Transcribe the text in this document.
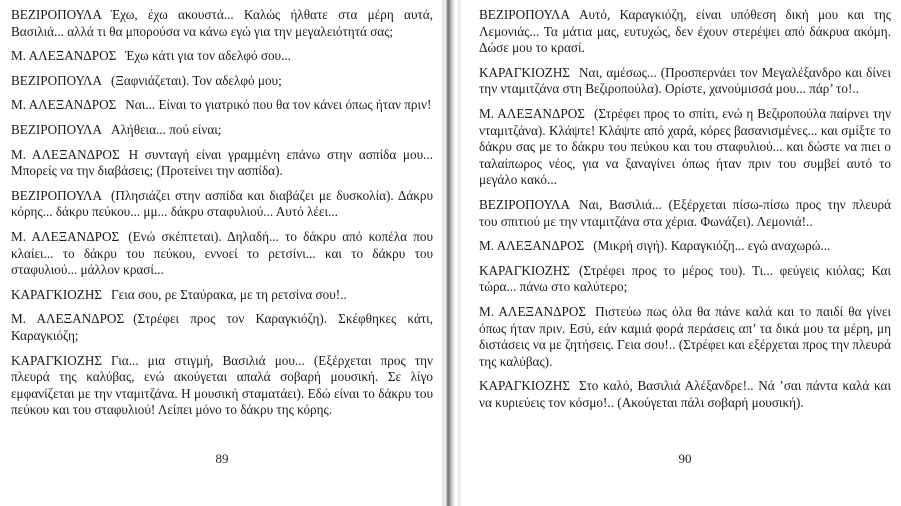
ΒΕΖΙΡΟΠΟΥΛΑ Έχω, έχω ακουστά... Καλώς ήλθατε στα μέρη αυτά, Βασιλιά... αλλά τι θα μπορούσα να κάνω εγώ για την μεγαλειότητά σας;

Μ. ΑΛΕΞΑΝΔΡΟΣ Έχω κάτι για τον αδελφό σου...

ΒΕΖΙΡΟΠΟΥΛΑ (Ξαφνιάζεται). Τον αδελφό μου;

Μ. ΑΛΕΞΑΝΔΡΟΣ Ναι... Είναι το γιατρικό που θα τον κάνει όπως ήταν πριν!

ΒΕΖΙΡΟΠΟΥΛΑ Αλήθεια... πού είναι;

Μ. ΑΛΕΞΑΝΔΡΟΣ Η συνταγή είναι γραμμένη επάνω στην ασπίδα μου... Μπορείς να την διαβάσεις; (Προτείνει την ασπίδα).

ΒΕΖΙΡΟΠΟΥΛΑ (Πλησιάζει στην ασπίδα και διαβάζει με δυσκολία). Δάκρυ κόρης... δάκρυ πεύκου... μμ... δάκρυ σταφυλιού... Αυτό λέει...

Μ. ΑΛΕΞΑΝΔΡΟΣ (Ενώ σκέπτεται). Δηλαδή... το δάκρυ από κοπέλα που κλαίει... το δάκρυ του πεύκου, εννοεί το ρετσίνι... και το δάκρυ του σταφυλιού... μάλλον κρασί...

ΚΑΡΑΓΚΙΟΖΗΣ Γεια σου, ρε Σταύρακα, με τη ρετσίνα σου!..

Μ. ΑΛΕΞΑΝΔΡΟΣ (Στρέφει προς τον Καραγκιόζη). Σκέφθηκες κάτι, Καραγκιόζη;

ΚΑΡΑΓΚΙΟΖΗΣ Για... μια στιγμή, Βασιλιά μου... (Εξέρχεται προς την πλευρά της καλύβας, ενώ ακούγεται απαλά σοβαρή μουσική. Σε λίγο εμφανίζεται με την νταμιτζάνα. Η μουσική σταματάει). Εδώ είναι το δάκρυ του πεύκου και του σταφυλιού! Λείπει μόνο το δάκρυ της κόρης.

ΒΕΖΙΡΟΠΟΥΛΑ Αυτό, Καραγκιόζη, είναι υπόθεση δική μου και της Λεμονιάς... Τα μάτια μας, ευτυχώς, δεν έχουν στερέψει από δάκρυα ακόμη. Δώσε μου το κρασί.

ΚΑΡΑΓΚΙΟΖΗΣ Ναι, αμέσως... (Προσπερνάει τον Μεγαλέξανδρο και δίνει την νταμιτζάνα στη Βεζιροπούλα). Ορίστε, χανούμισσά μου... πάρ’ το!..

Μ. ΑΛΕΞΑΝΔΡΟΣ (Στρέφει προς το σπίτι, ενώ η Βεζιροπούλα παίρνει την νταμιτζάνα). Κλάψτε! Κλάψτε από χαρά, κόρες βασανισμένες... και σμίξτε το δάκρυ σας με το δάκρυ του πεύκου και του σταφυλιού... και δώστε να πιει ο ταλαίπωρος νέος, για να ξαναγίνει όπως ήταν πριν του συμβεί αυτό το μεγάλο κακό...

ΒΕΖΙΡΟΠΟΥΛΑ Ναι, Βασιλιά... (Εξέρχεται πίσω-πίσω προς την πλευρά του σπιτιού με την νταμιτζάνα στα χέρια. Φωνάζει). Λεμονιά!..

Μ. ΑΛΕΞΑΝΔΡΟΣ (Μικρή σιγή). Καραγκιόζη... εγώ αναχωρώ...

ΚΑΡΑΓΚΙΟΖΗΣ (Στρέφει προς το μέρος του). Τι... φεύγεις κιόλας; Και τώρα... πάνω στο καλύτερο;

Μ. ΑΛΕΞΑΝΔΡΟΣ Πιστεύω πως όλα θα πάνε καλά και το παιδί θα γίνει όπως ήταν πριν. Εσύ, εάν καμιά φορά περάσεις απ’ τα δικά μου τα μέρη, μη διστάσεις να με ζητήσεις. Γεια σου!.. (Στρέφει και εξέρχεται προς την πλευρά της καλύβας).

ΚΑΡΑΓΚΙΟΖΗΣ Στο καλό, Βασιλιά Αλέξανδρε!.. Νά ’σαι πάντα καλά και να κυριεύεις τον κόσμο!.. (Ακούγεται πάλι σοβαρή μουσική).

89	90
